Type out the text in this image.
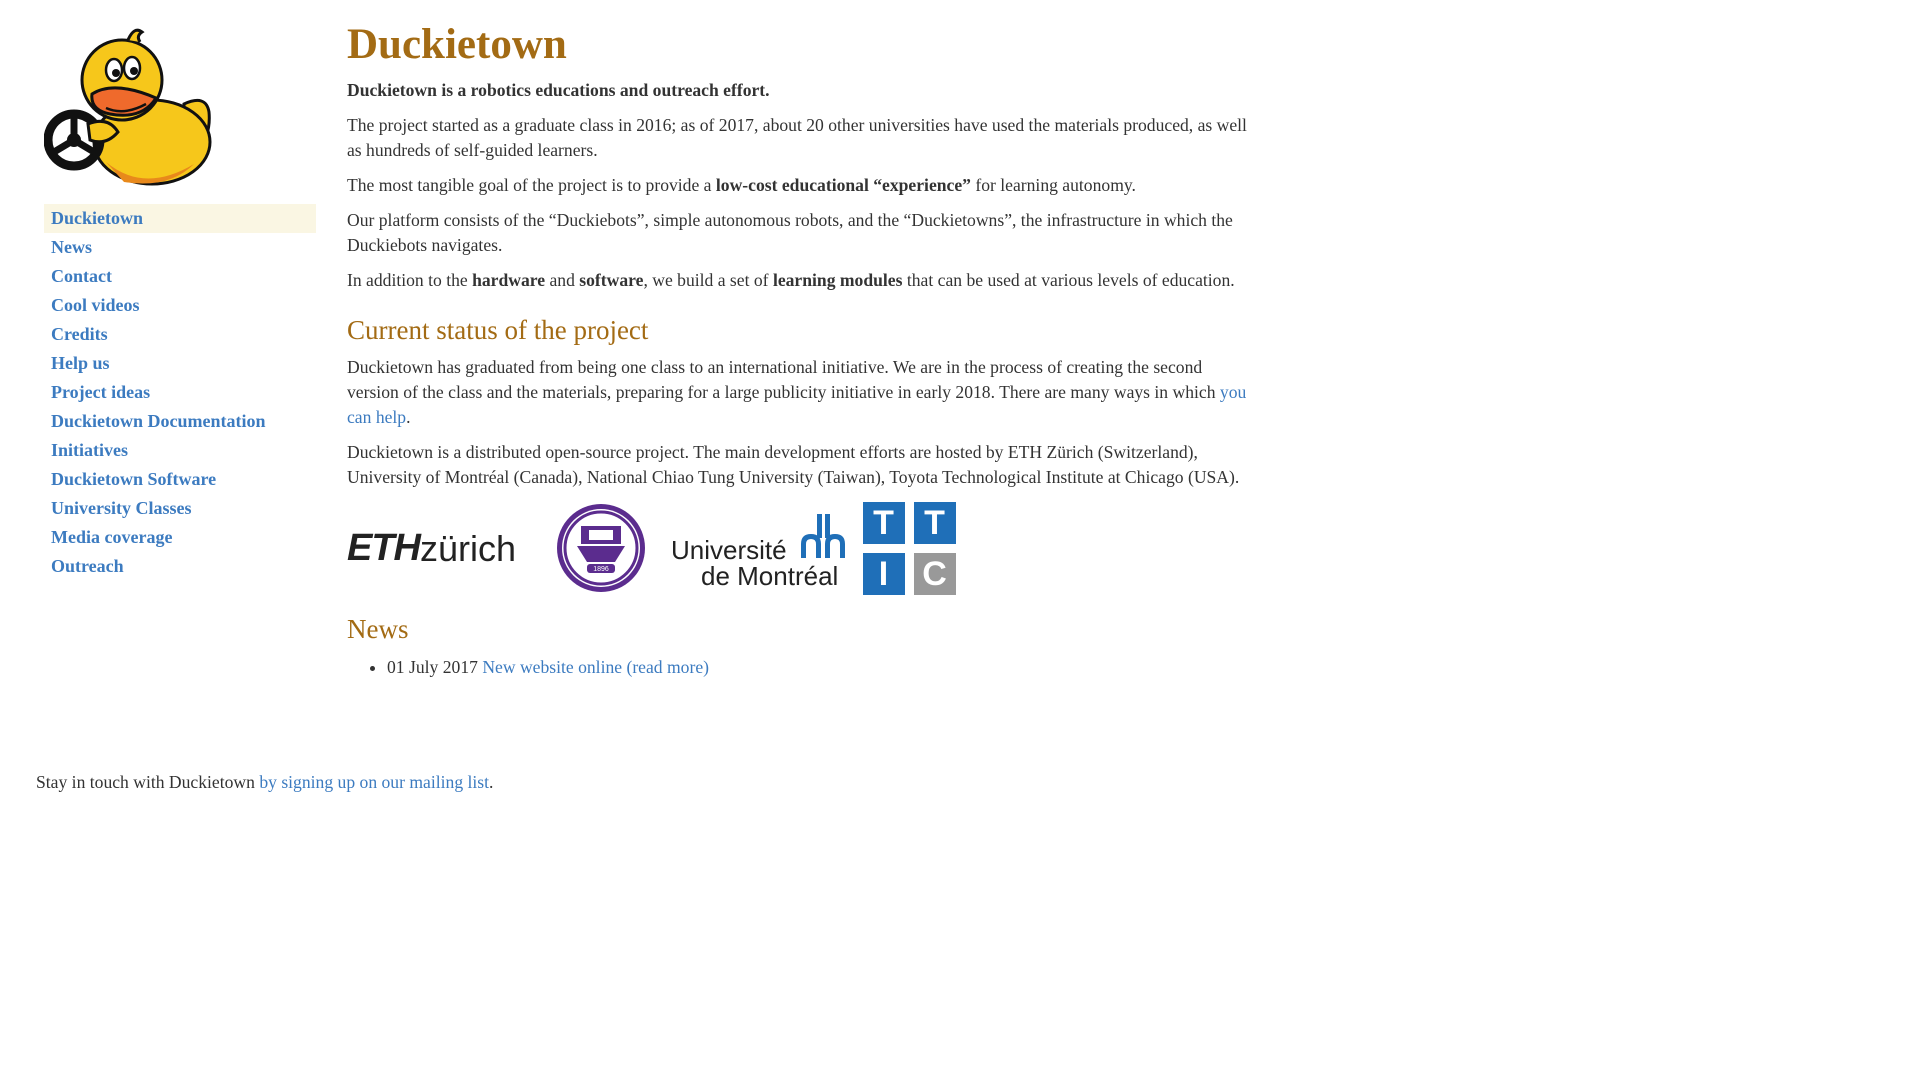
Duckietown
News
Contact
Cool videos
Credits
Help us
Project ideas
Duckietown Documentation
Initiatives
Duckietown Software
University Classes
Media coverage
Outreach
Duckietown

Duckietown is a robotics educations and outreach effort.

The project started as a graduate class in 2016; as of 2017, about 20 other universities have used the materials produced, as well as hundreds of self-guided learners.

The most tangible goal of the project is to provide a low-cost educational “experience” for learning autonomy.

Our platform consists of the “Duckiebots”, simple autonomous robots, and the “Duckietowns”, the infrastructure in which the Duckiebots navigates.

In addition to the hardware and software, we build a set of learning modules that can be used at various levels of education.

Current status of the project

Duckietown has graduated from being one class to an international initiative. We are in the process of creating the second version of the class and the materials, preparing for a large publicity initiative in early 2018. There are many ways in which you can help.

Duckietown is a distributed open-source project. The main development efforts are hosted by ETH Zürich (Switzerland), University of Montréal (Canada), National Chiao Tung University (Taiwan), Toyota Technological Institute at Chicago (USA).

ETH zürich
1896
Université
de Montréal
T T
I	C
News
• 01 July 2017 New website online (read more)
Stay in touch with Duckietown by signing up on our mailing list.
